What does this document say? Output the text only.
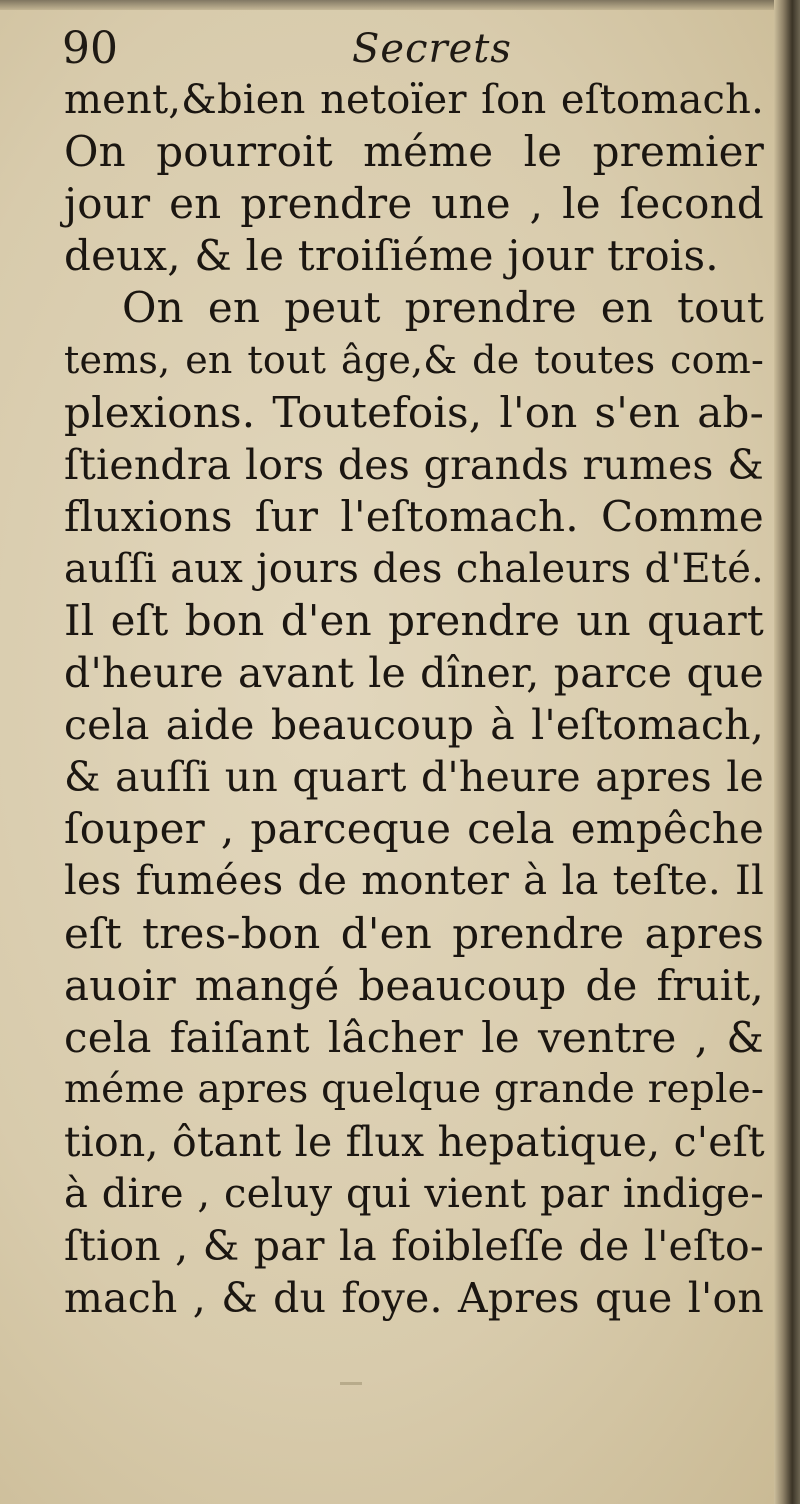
90	Secrets
ment,&bien netoïer ſon eſtomach.
On pourroit méme le premier
jour en prendre une , le ſecond
deux, & le troiſiéme jour trois.
On en peut prendre en tout
tems, en tout âge,& de toutes com-
plexions. Toutefois, l'on s'en ab-
ſtiendra lors des grands rumes &
fluxions ſur l'eſtomach. Comme
auſſi aux jours des chaleurs d'Eté.
Il eſt bon d'en prendre un quart
d'heure avant le dîner, parce que
cela aide beaucoup à l'eſtomach,
& auſſi un quart d'heure apres le
ſouper , parceque cela empêche
les fumées de monter à la teſte. Il
eſt tres-bon d'en prendre apres
auoir mangé beaucoup de fruit,
cela faiſant lâcher le ventre , &
méme apres quelque grande reple-
tion, ôtant le flux hepatique, c'eſt
à dire , celuy qui vient par indige-
ſtion , & par la foibleſſe de l'eſto-
mach , & du foye. Apres que l'on
